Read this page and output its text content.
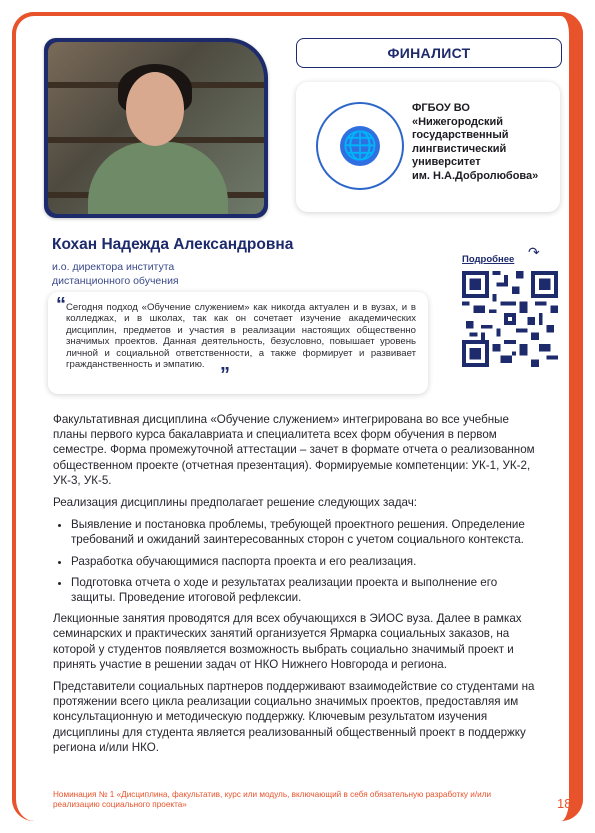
ФИНАЛИСТ
🌐
ФГБОУ ВО
«Нижегородский
государственный
лингвистический
университет
им. Н.А.Добролюбова»
Кохан Надежда Александровна
и.о. директора института
дистанционного обучения
Подробнее ↷
“ Сегодня подход «Обучение служением» как никогда актуален и в вузах, и в колледжах, и в школах, так как он сочетает изучение академических дисциплин, предметов и участия в реализации настоящих общественно значимых проектов. Данная деятельность, безусловно, повышает уровень личной и социальной ответственности, а также формирует и развивает гражданственность и эмпатию. ”

Факультативная дисциплина «Обучение служением» интегрирована во все учебные планы первого курса бакалавриата и специалитета всех форм обучения в первом семестре. Форма промежуточной аттестации – зачет в формате отчета о реализованном общественном проекте (отчетная презентация). Формируемые компетенции: УК-1, УК-2, УК-3, УК-5.

Реализация дисциплины предполагает решение следующих задач:

• Выявление и постановка проблемы, требующей проектного решения. Определение требований и ожиданий заинтересованных сторон с учетом социального контекста.
• Разработка обучающимися паспорта проекта и его реализация.
• Подготовка отчета о ходе и результатах реализации проекта и выполнение его защиты. Проведение итоговой рефлексии.

Лекционные занятия проводятся для всех обучающихся в ЭИОС вуза. Далее в рамках семинарских и практических занятий организуется Ярмарка социальных заказов, на которой у студентов появляется возможность выбрать социально значимый проект и принять участие в решении задач от НКО Нижнего Новгорода и региона.

Представители социальных партнеров поддерживают взаимодействие со студентами на протяжении всего цикла реализации социально значимых проектов, предоставляя им консультационную и методическую поддержку. Ключевым результатом изучения дисциплины для студента является реализованный общественный проект в поддержку региона и/или НКО.

Номинация № 1 «Дисциплина, факультатив, курс или модуль, включающий в себя обязательную разработку и/или реализацию социального проекта»	18
